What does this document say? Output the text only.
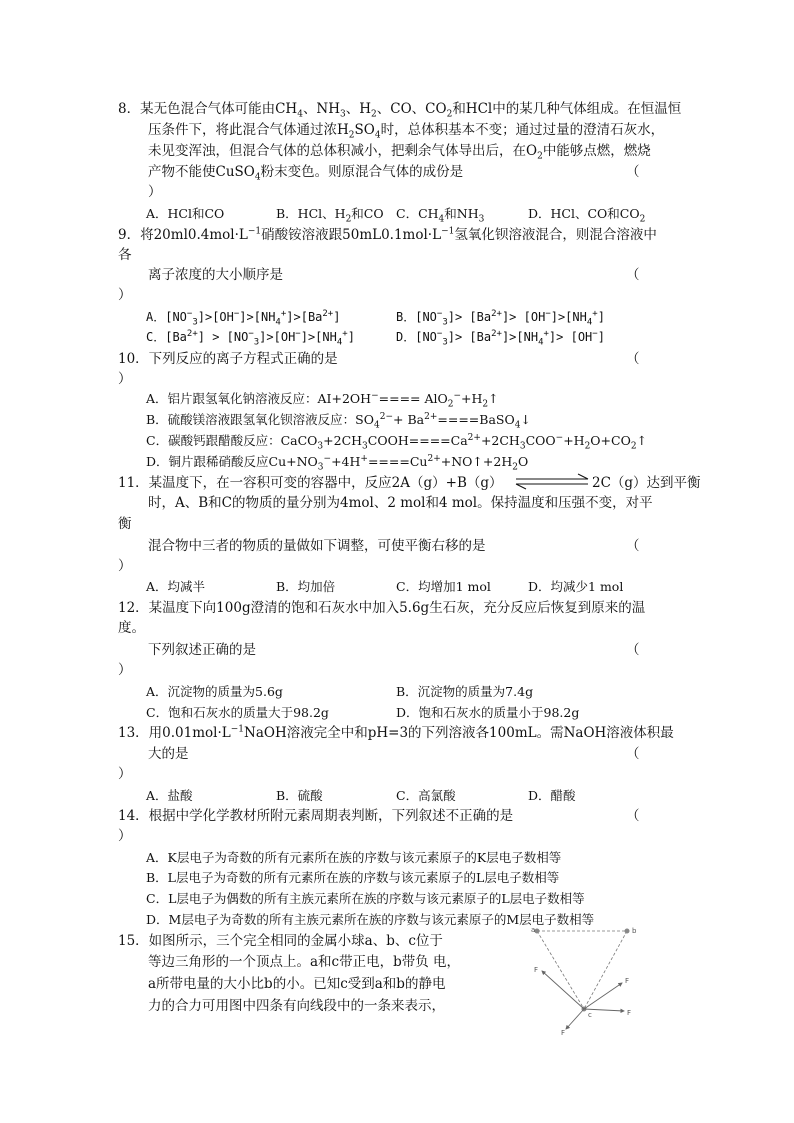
8．某无色混合气体可能由$CH_4$、$NH_3$、$H_2$、CO、$CO_2$和HCl中的某几种气体组成。在恒温恒
压条件下，将此混合气体通过浓$H_2SO_4$时，总体积基本不变；通过过量的澄清石灰水，
未见变浑浊，但混合气体的总体积减小，把剩余气体导出后，在$O_2$中能够点燃，燃烧
产物不能使CuSO$_4$粉末变色。则原混合气体的成份是	（
）
A．HCl和CO	B．HCl、$H_2$和CO C．$CH_4$和$NH_3$	D．HCl、CO和$CO_2$
9．将$20ml0.4mol\cdot L^{-1}$硝酸铵溶液跟$50mL0.1mol\cdot L^{-1}$氢氧化钡溶液混合，则混合溶液中
各
离子浓度的大小顺序是	（
）
A．$[NO^-_3]>[OH^-]>[NH_4^+]>[Ba^{2+}]$	B．$[NO^-_3]> [Ba^{2+}]> [OH^-]>[NH_4^+]$
C．$[Ba^{2+}] > [NO^-_3]>[OH^-]>[NH_4^+]$	D．$[NO^-_3]> [Ba^{2+}]>[NH_4^+]> [OH^-]$
10．下列反应的离子方程式正确的是	（
）
A．铝片跟氢氧化钠溶液反应：$AI+2OH^-==== AlO_2^-+H_2↑$
B．硫酸镁溶液跟氢氧化钡溶液反应：$SO_4^{2-}+$ $Ba^{2+}====BaSO_4↓$
C．碳酸钙跟醋酸反应：$CaCO_3+2CH_3COOH====Ca^{2+}+2CH_3COO^-+H_2O+CO_2↑$
D．铜片跟稀硝酸反应$Cu+NO_3^-+4H^+====Cu^{2+}+NO↑+2H_2O$
11．某温度下，在一容积可变的容器中，反应2A（g）+B（g）	2C（g）达到平衡
时，A、B和C的物质的量分别为4mol、2 mol和4 mol。保持温度和压强不变，对平
衡
混合物中三者的物质的量做如下调整，可使平衡右移的是	（
）
A．均减半	B．均加倍	C．均增加1 mol	D．均减少1 mol
12．某温度下向100g澄清的饱和石灰水中加入5.6g生石灰，充分反应后恢复到原来的温
度。
下列叙述正确的是	（
）
A．沉淀物的质量为5.6g	B．沉淀物的质量为7.4g
C．饱和石灰水的质量大于98.2g	D．饱和石灰水的质量小于98.2g
13．用$0.01mol\cdot L^{-1}NaOH$溶液完全中和pH=3的下列溶液各100mL。需NaOH溶液体积最
大的是	（
）
A．盐酸	B．硫酸	C．高氯酸	D．醋酸
14．根据中学化学教材所附元素周期表判断，下列叙述不正确的是	（
）
A．K层电子为奇数的所有元素所在族的序数与该元素原子的K层电子数相等
B．L层电子为奇数的所有元素所在族的序数与该元素原子的L层电子数相等
C．L层电子为偶数的所有主族元素所在族的序数与该元素原子的L层电子数相等
D．M层电子为奇数的所有主族元素所在族的序数与该元素原子的M层电子数相等
15．如图所示，三个完全相同的金属小球a、b、c位于
等边三角形的一个顶点上。a和c带正电，b带负 电，
a所带电量的大小比b的小。已知c受到a和b的静电
力的合力可用图中四条有向线段中的一条来表示，
a	b
c
F
F
F
F
